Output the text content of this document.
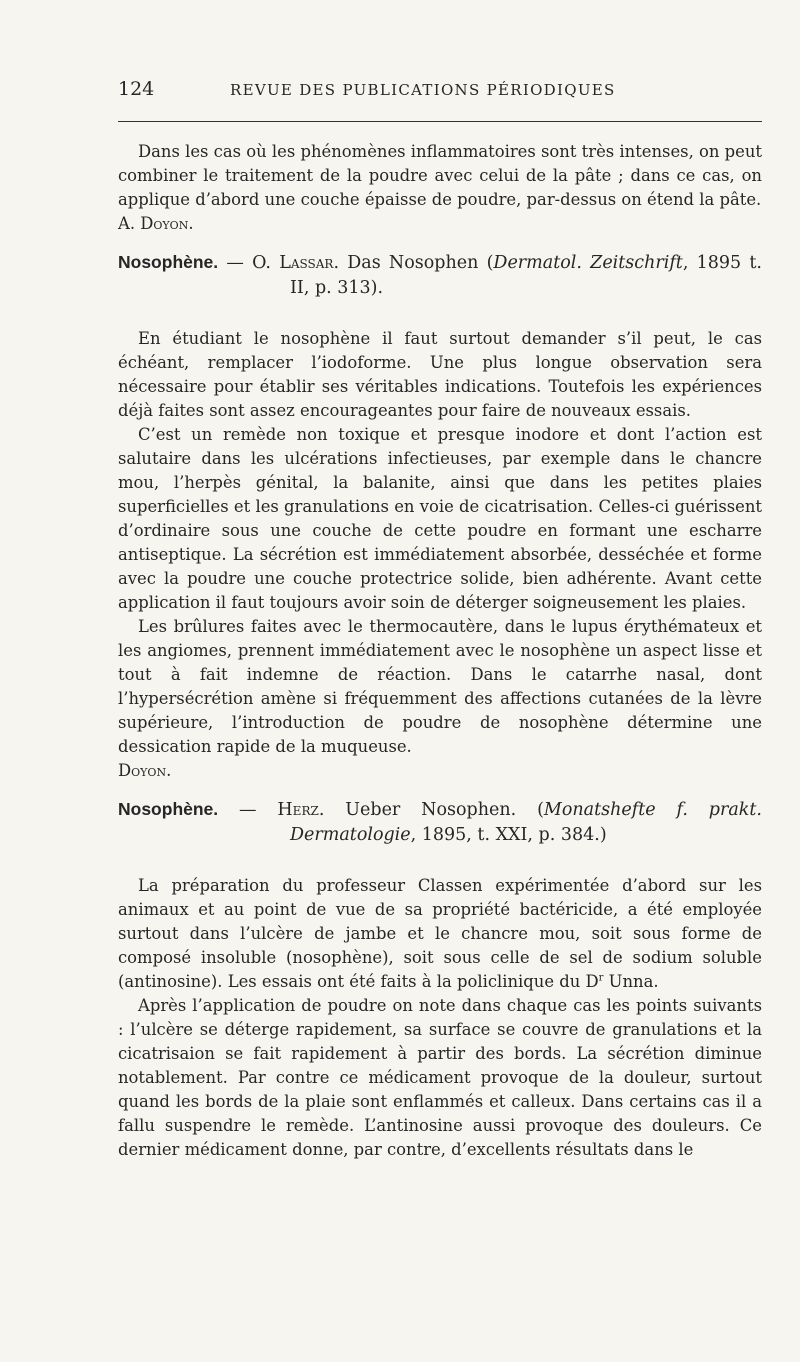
124	REVUE DES PUBLICATIONS PÉRIODIQUES

Dans les cas où les phénomènes inflammatoires sont très intenses, on peut combiner le traitement de la poudre avec celui de la pâte ; dans ce cas, on applique d’abord une couche épaisse de poudre, par-dessus on étend la pâte.

A. Doyon.

Nosophène. — O. Lassar. Das Nosophen (Dermatol. Zeitschrift, 1895 t. II, p. 313).

En étudiant le nosophène il faut surtout demander s’il peut, le cas échéant, remplacer l’iodoforme. Une plus longue observation sera nécessaire pour établir ses véritables indications. Toutefois les expériences déjà faites sont assez encourageantes pour faire de nouveaux essais.

C’est un remède non toxique et presque inodore et dont l’action est salutaire dans les ulcérations infectieuses, par exemple dans le chancre mou, l’herpès génital, la balanite, ainsi que dans les petites plaies superficielles et les granulations en voie de cicatrisation. Celles-ci guérissent d’ordinaire sous une couche de cette poudre en formant une escharre antiseptique. La sécrétion est immédiatement absorbée, desséchée et forme avec la poudre une couche protectrice solide, bien adhérente. Avant cette application il faut toujours avoir soin de déterger soigneusement les plaies.

Les brûlures faites avec le thermocautère, dans le lupus érythémateux et les angiomes, prennent immédiatement avec le nosophène un aspect lisse et tout à fait indemne de réaction. Dans le catarrhe nasal, dont l’hypersécrétion amène si fréquemment des affections cutanées de la lèvre supérieure, l’introduction de poudre de nosophène détermine une dessication rapide de la muqueuse.

Doyon.

Nosophène. — Herz. Ueber Nosophen. (Monatshefte f. prakt. Dermatologie, 1895, t. XXI, p. 384.)

La préparation du professeur Classen expérimentée d’abord sur les animaux et au point de vue de sa propriété bactéricide, a été employée surtout dans l’ulcère de jambe et le chancre mou, soit sous forme de composé insoluble (nosophène), soit sous celle de sel de sodium soluble (antinosine). Les essais ont été faits à la policlinique du $D^r$ Unna.

Après l’application de poudre on note dans chaque cas les points suivants : l’ulcère se déterge rapidement, sa surface se couvre de granulations et la cicatrisaion se fait rapidement à partir des bords. La sécrétion diminue notablement. Par contre ce médicament provoque de la douleur, surtout quand les bords de la plaie sont enflammés et calleux. Dans certains cas il a fallu suspendre le remède. L’antinosine aussi provoque des douleurs. Ce dernier médicament donne, par contre, d’excellents résultats dans le
